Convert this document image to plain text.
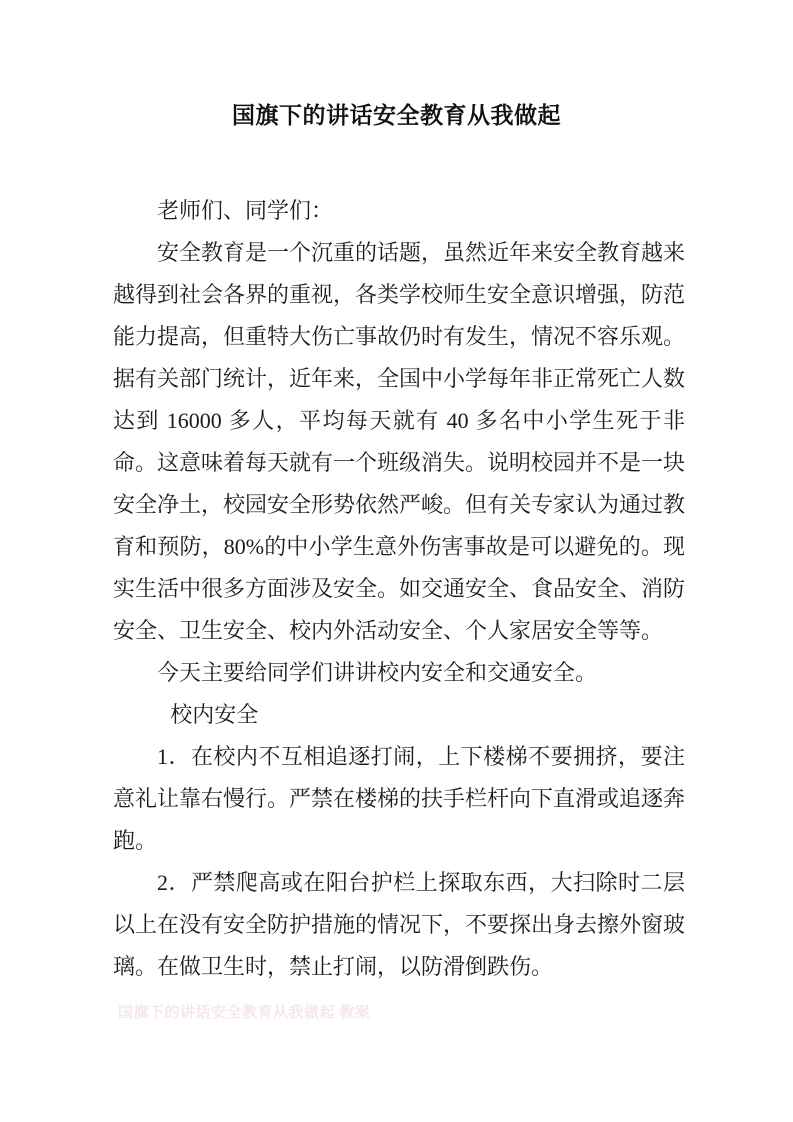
国旗下的讲话安全教育从我做起

老师们、同学们：

安全教育是一个沉重的话题，虽然近年来安全教育越来越得到社会各界的重视，各类学校师生安全意识增强，防范能力提高，但重特大伤亡事故仍时有发生，情况不容乐观。据有关部门统计，近年来，全国中小学每年非正常死亡人数达到 16000 多人，平均每天就有 40 多名中小学生死于非命。这意味着每天就有一个班级消失。说明校园并不是一块安全净土，校园安全形势依然严峻。但有关专家认为通过教育和预防，80%的中小学生意外伤害事故是可以避免的。现实生活中很多方面涉及安全。如交通安全、食品安全、消防安全、卫生安全、校内外活动安全、个人家居安全等等。

今天主要给同学们讲讲校内安全和交通安全。

校内安全

1．在校内不互相追逐打闹，上下楼梯不要拥挤，要注意礼让靠右慢行。严禁在楼梯的扶手栏杆向下直滑或追逐奔跑。

2．严禁爬高或在阳台护栏上探取东西，大扫除时二层以上在没有安全防护措施的情况下，不要探出身去擦外窗玻璃。在做卫生时，禁止打闹，以防滑倒跌伤。

国旗下的讲话安全教育从我做起 教案
